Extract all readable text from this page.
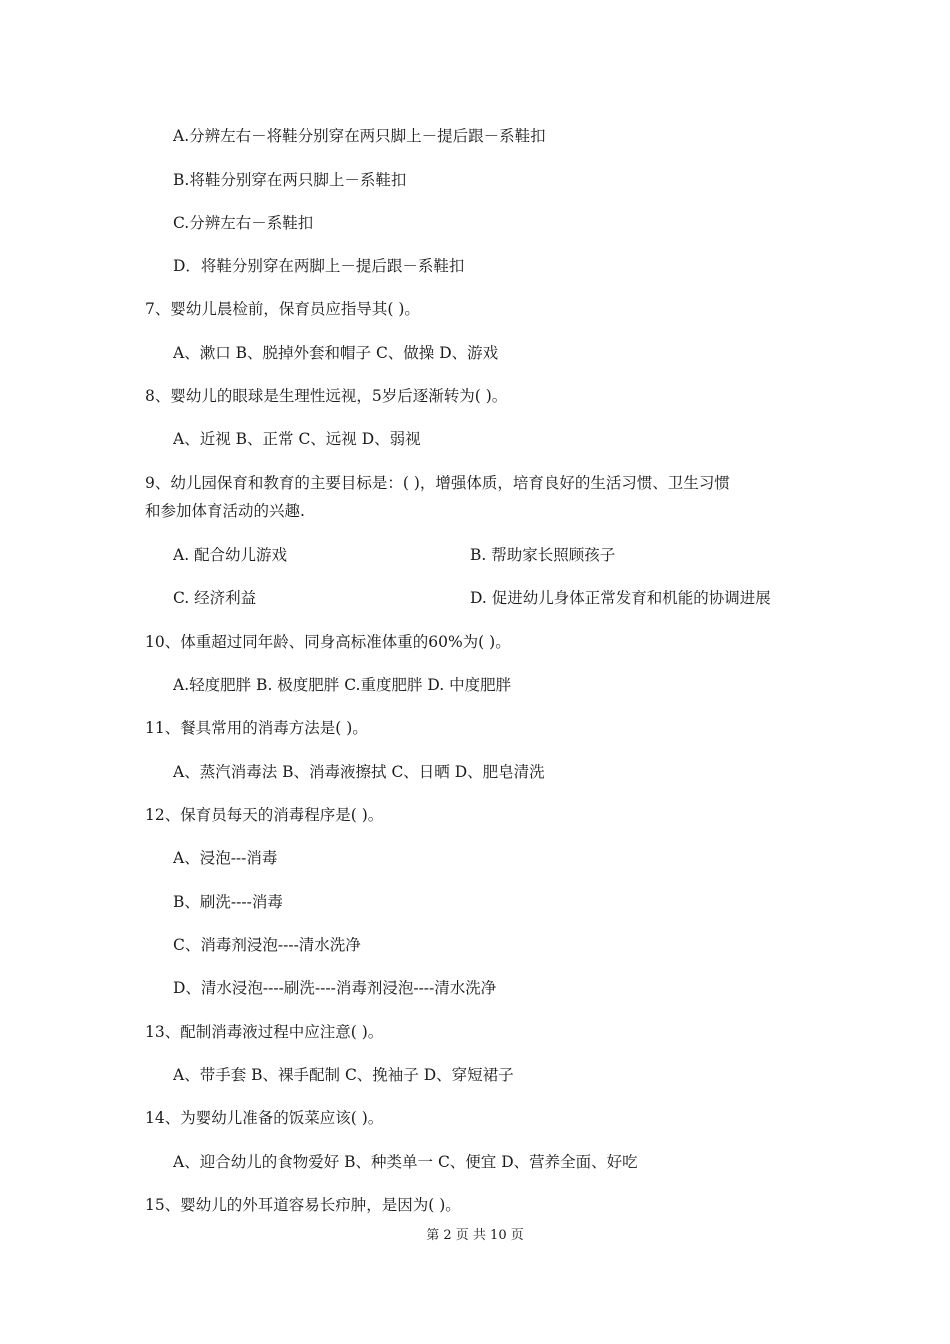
A.分辨左右－将鞋分别穿在两只脚上－提后跟－系鞋扣
B.将鞋分别穿在两只脚上－系鞋扣
C.分辨左右－系鞋扣
D．将鞋分别穿在两脚上－提后跟－系鞋扣
7、婴幼儿晨检前，保育员应指导其( )。
A、漱口 B、脱掉外套和帽子 C、做操 D、游戏
8、婴幼儿的眼球是生理性远视，5岁后逐渐转为( )。
A、近视 B、正常 C、远视 D、弱视
9、幼儿园保育和教育的主要目标是：( )，增强体质，培育良好的生活习惯、卫生习惯
和参加体育活动的兴趣.
A. 配合幼儿游戏	B. 帮助家长照顾孩子
C. 经济利益	D. 促进幼儿身体正常发育和机能的协调进展
10、体重超过同年龄、同身高标准体重的60%为( )。
A.轻度肥胖 B. 极度肥胖 C.重度肥胖 D. 中度肥胖
11、餐具常用的消毒方法是( )。
A、蒸汽消毒法 B、消毒液擦拭 C、日晒 D、肥皂清洗
12、保育员每天的消毒程序是( )。
A、浸泡---消毒
B、刷洗----消毒
C、消毒剂浸泡----清水洗净
D、清水浸泡----刷洗----消毒剂浸泡----清水洗净
13、配制消毒液过程中应注意( )。
A、带手套 B、裸手配制 C、挽袖子 D、穿短裙子
14、为婴幼儿准备的饭菜应该( )。
A、迎合幼儿的食物爱好 B、种类单一 C、便宜 D、营养全面、好吃
15、婴幼儿的外耳道容易长疖肿，是因为( )。
第 2 页 共 10 页
